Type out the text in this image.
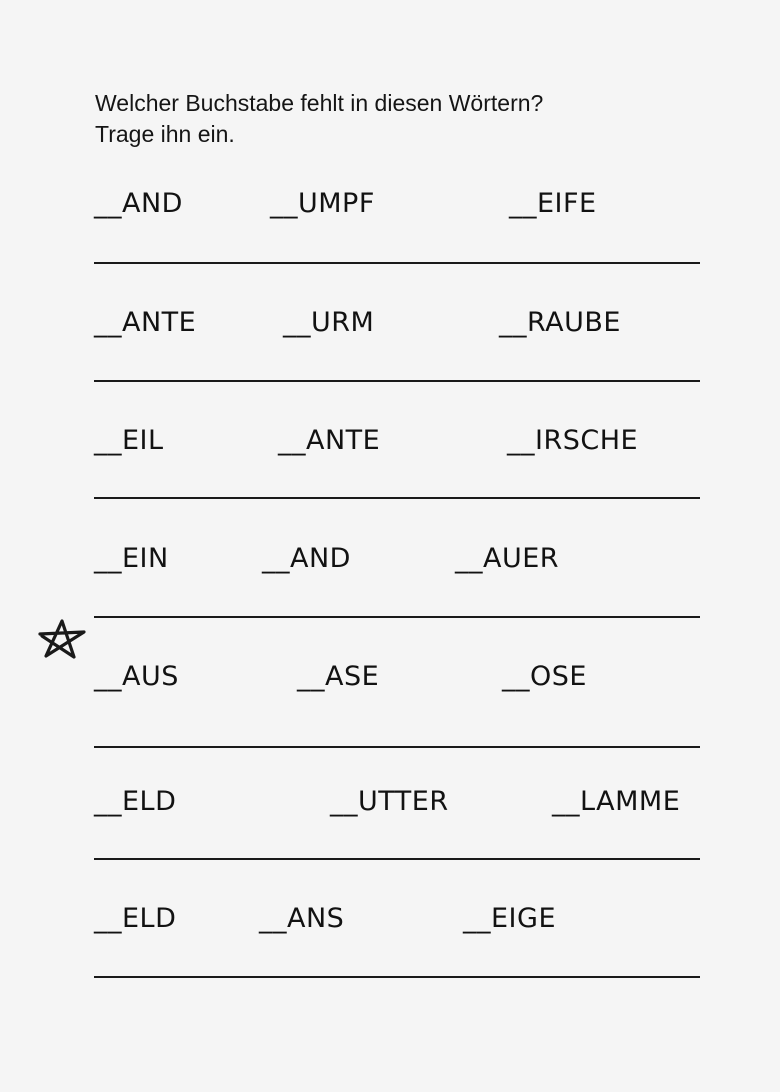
Welcher Buchstabe fehlt in diesen Wörtern?
Trage ihn ein.
__AND	__UMPF	__EIFE
__ANTE	__URM	__RAUBE
__EIL	__ANTE	__IRSCHE
__EIN	__AND	__AUER
__AUS	__ASE	__OSE
__ELD	__UTTER	__LAMME
__ELD	__ANS	__EIGE
